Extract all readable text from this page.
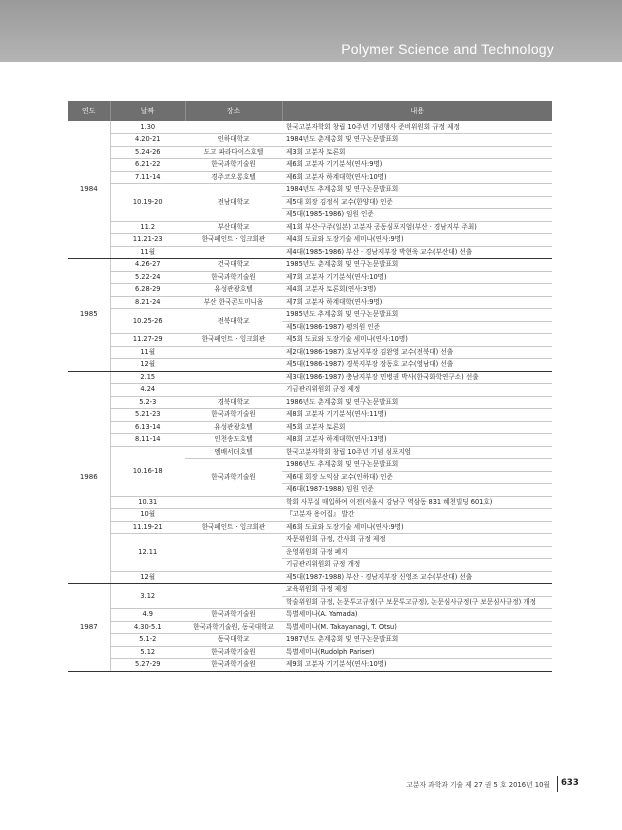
Polymer Science and Technology
연도	날짜	장소	내용
1984	1.30		한국고분자학회 창립 10주년 기념행사 준비위원회 규정 제정
	4.20-21	인하대학교	1984년도 춘계총회 및 연구논문발표회
	5.24-26	도고 파라다이스호텔	제3회 고분자 토론회
	6.21-22	한국과학기술원	제6회 고분자 기기분석(연사:9명)
	7.11-14	경주코오롱호텔	제6회 고분자 하계대학(연사:10명)
	10.19-20	전남대학교	1984년도 추계총회 및 연구논문발표회
			제5대 회장 김정식 교수(한양대) 인준
			제5대(1985-1986) 임원 인준
	11.2	부산대학교	제1회 부산-구주(일본) 고분자 공동심포지엄(부산 · 경남지부 주최)
	11.21-23	한국페인트 · 잉크회관	제4회 도료와 도장기술 세미나(연사:9명)
	11월		제4대(1985-1986) 부산 · 경남지부장 박현욱 교수(부산대) 선출
1985	4.26-27	건국대학교	1985년도 춘계총회 및 연구논문발표회
	5.22-24	한국과학기술원	제7회 고분자 기기분석(연사:10명)
	6.28-29	유성관광호텔	제4회 고분자 토론회(연사:3명)
	8.21-24	부산 한국콘도미니움	제7회 고분자 하계대학(연사:9명)
	10.25-26	전북대학교	1985년도 추계총회 및 연구논문발표회
			제5대(1986-1987) 평의원 인준
	11.27-29	한국페인트 · 잉크회관	제5회 도료와 도장기술 세미나(연사:10명)
	11월		제2대(1986-1987) 호남지부장 김완영 교수(전북대) 선출
	12월		제5대(1986-1987) 경북지부장 장동호 교수(영남대) 선출
1986	2.15		제3대(1986-1987) 충남지부장 민병권 박사(한국화학연구소) 선출
	4.24		기금관리위원회 규정 제정
	5.2-3	경북대학교	1986년도 춘계총회 및 연구논문발표회
	5.21-23	한국과학기술원	제8회 고분자 기기분석(연사:11명)
	6.13-14	유성관광호텔	제5회 고분자 토론회
	8.11-14	인천송도호텔	제8회 고분자 하계대학(연사:13명)
	10.16-18	엠배서더호텔	한국고분자학회 창립 10주년 기념 심포지엄
		한국과학기술원	1986년도 추계총회 및 연구논문발표회
			제6대 회장 노익삼 교수(인하대) 인준
			제6대(1987-1988) 임원 인준
	10.31		학회 사무실 매입하여 이전(서울시 강남구 역삼동 831 혜천빌딩 601호)
	10월		『고분자 용어집』 발간
	11.19-21	한국페인트 · 잉크회관	제6회 도료와 도장기술 세미나(연사:9명)
	12.11		자문위원회 규정, 간사회 규정 제정
			운영위원회 규정 폐지
			기금관리위원회 규정 개정
	12월		제5대(1987-1988) 부산 · 경남지부장 신영조 교수(부산대) 선출
1987	3.12		교육위원회 규정 제정
			학술위원회 규정, 논문투고규정(구 보문투고규정), 논문심사규정(구 보문심사규정) 개정
	4.9	한국과학기술원	특별세미나(A. Yamada)
	4.30-5.1	한국과학기술원, 동국대학교	특별세미나(M. Takayanagi, T. Otsu)
	5.1-2	동국대학교	1987년도 춘계총회 및 연구논문발표회
	5.12	한국과학기술원	특별세미나(Rudolph Pariser)
	5.27-29	한국과학기술원	제9회 고분자 기기분석(연사:10명)
고분자 과학과 기술 제 27 권 5 호 2016년 10월 633
